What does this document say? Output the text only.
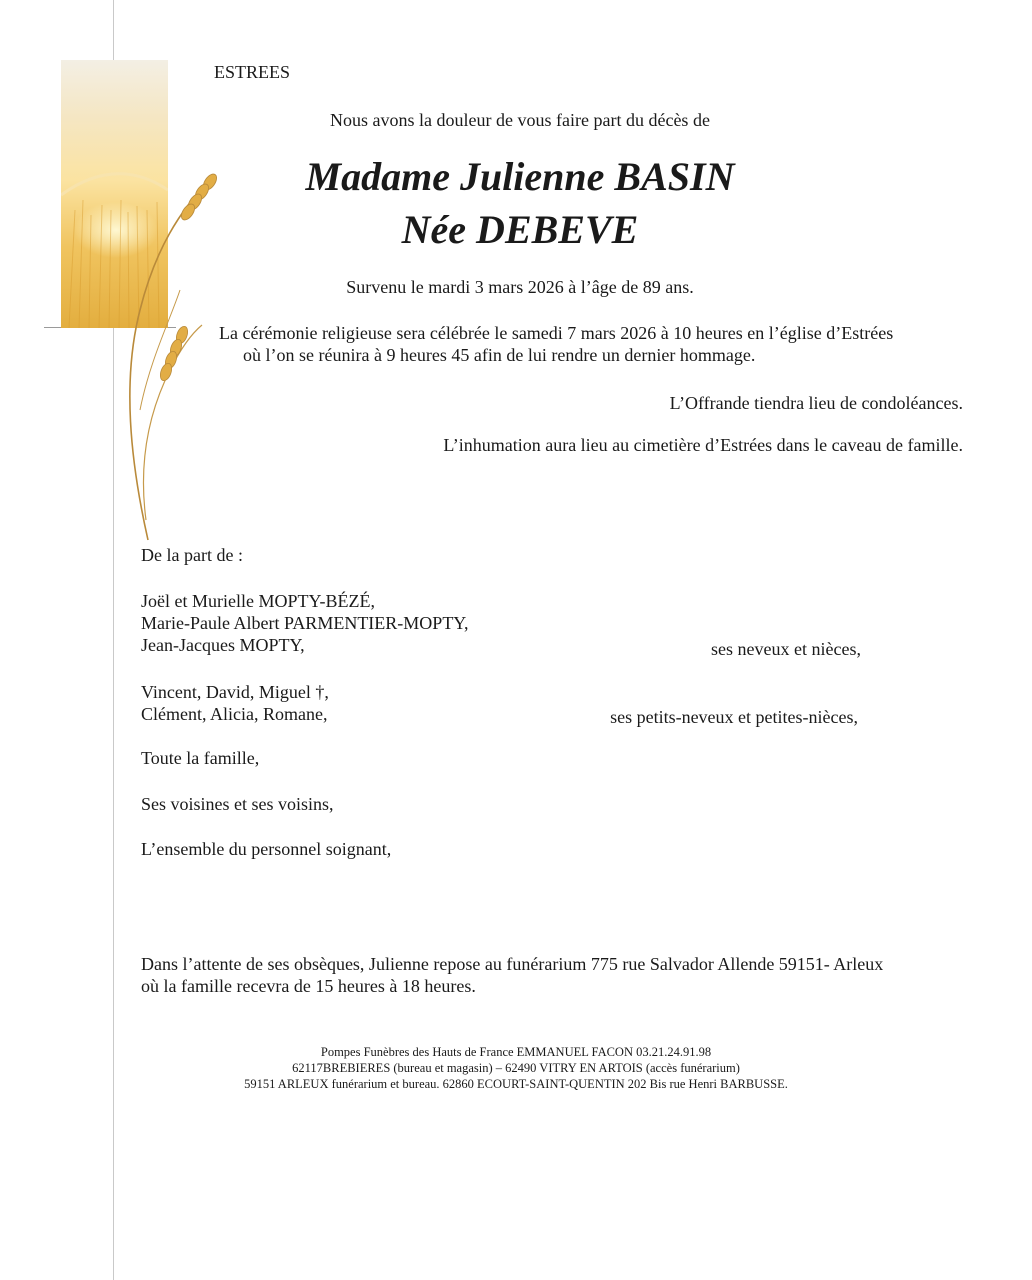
ESTREES
Nous avons la douleur de vous faire part du décès de
Madame Julienne BASIN
Née DEBEVE
Survenu le mardi 3 mars 2026 à l’âge de 89 ans.
La cérémonie religieuse sera célébrée le samedi 7 mars 2026 à 10 heures en l’église d’Estrées
où l’on se réunira à 9 heures 45 afin de lui rendre un dernier hommage.
L’Offrande tiendra lieu de condoléances.
L’inhumation aura lieu au cimetière d’Estrées dans le caveau de famille.
De la part de :
Joël et Murielle MOPTY-BÉZÉ,
Marie-Paule Albert PARMENTIER-MOPTY,
Jean-Jacques MOPTY,	ses neveux et nièces,
Vincent, David, Miguel †,
Clément, Alicia, Romane,	ses petits-neveux et petites-nièces,
Toute la famille,
Ses voisines et ses voisins,
L’ensemble du personnel soignant,
Dans l’attente de ses obsèques, Julienne repose au funérarium 775 rue Salvador Allende 59151- Arleux
où la famille recevra de 15 heures à 18 heures.
Pompes Funèbres des Hauts de France EMMANUEL FACON 03.21.24.91.98
62117BREBIERES (bureau et magasin) – 62490 VITRY EN ARTOIS (accès funérarium)
59151 ARLEUX funérarium et bureau. 62860 ECOURT-SAINT-QUENTIN 202 Bis rue Henri BARBUSSE.
